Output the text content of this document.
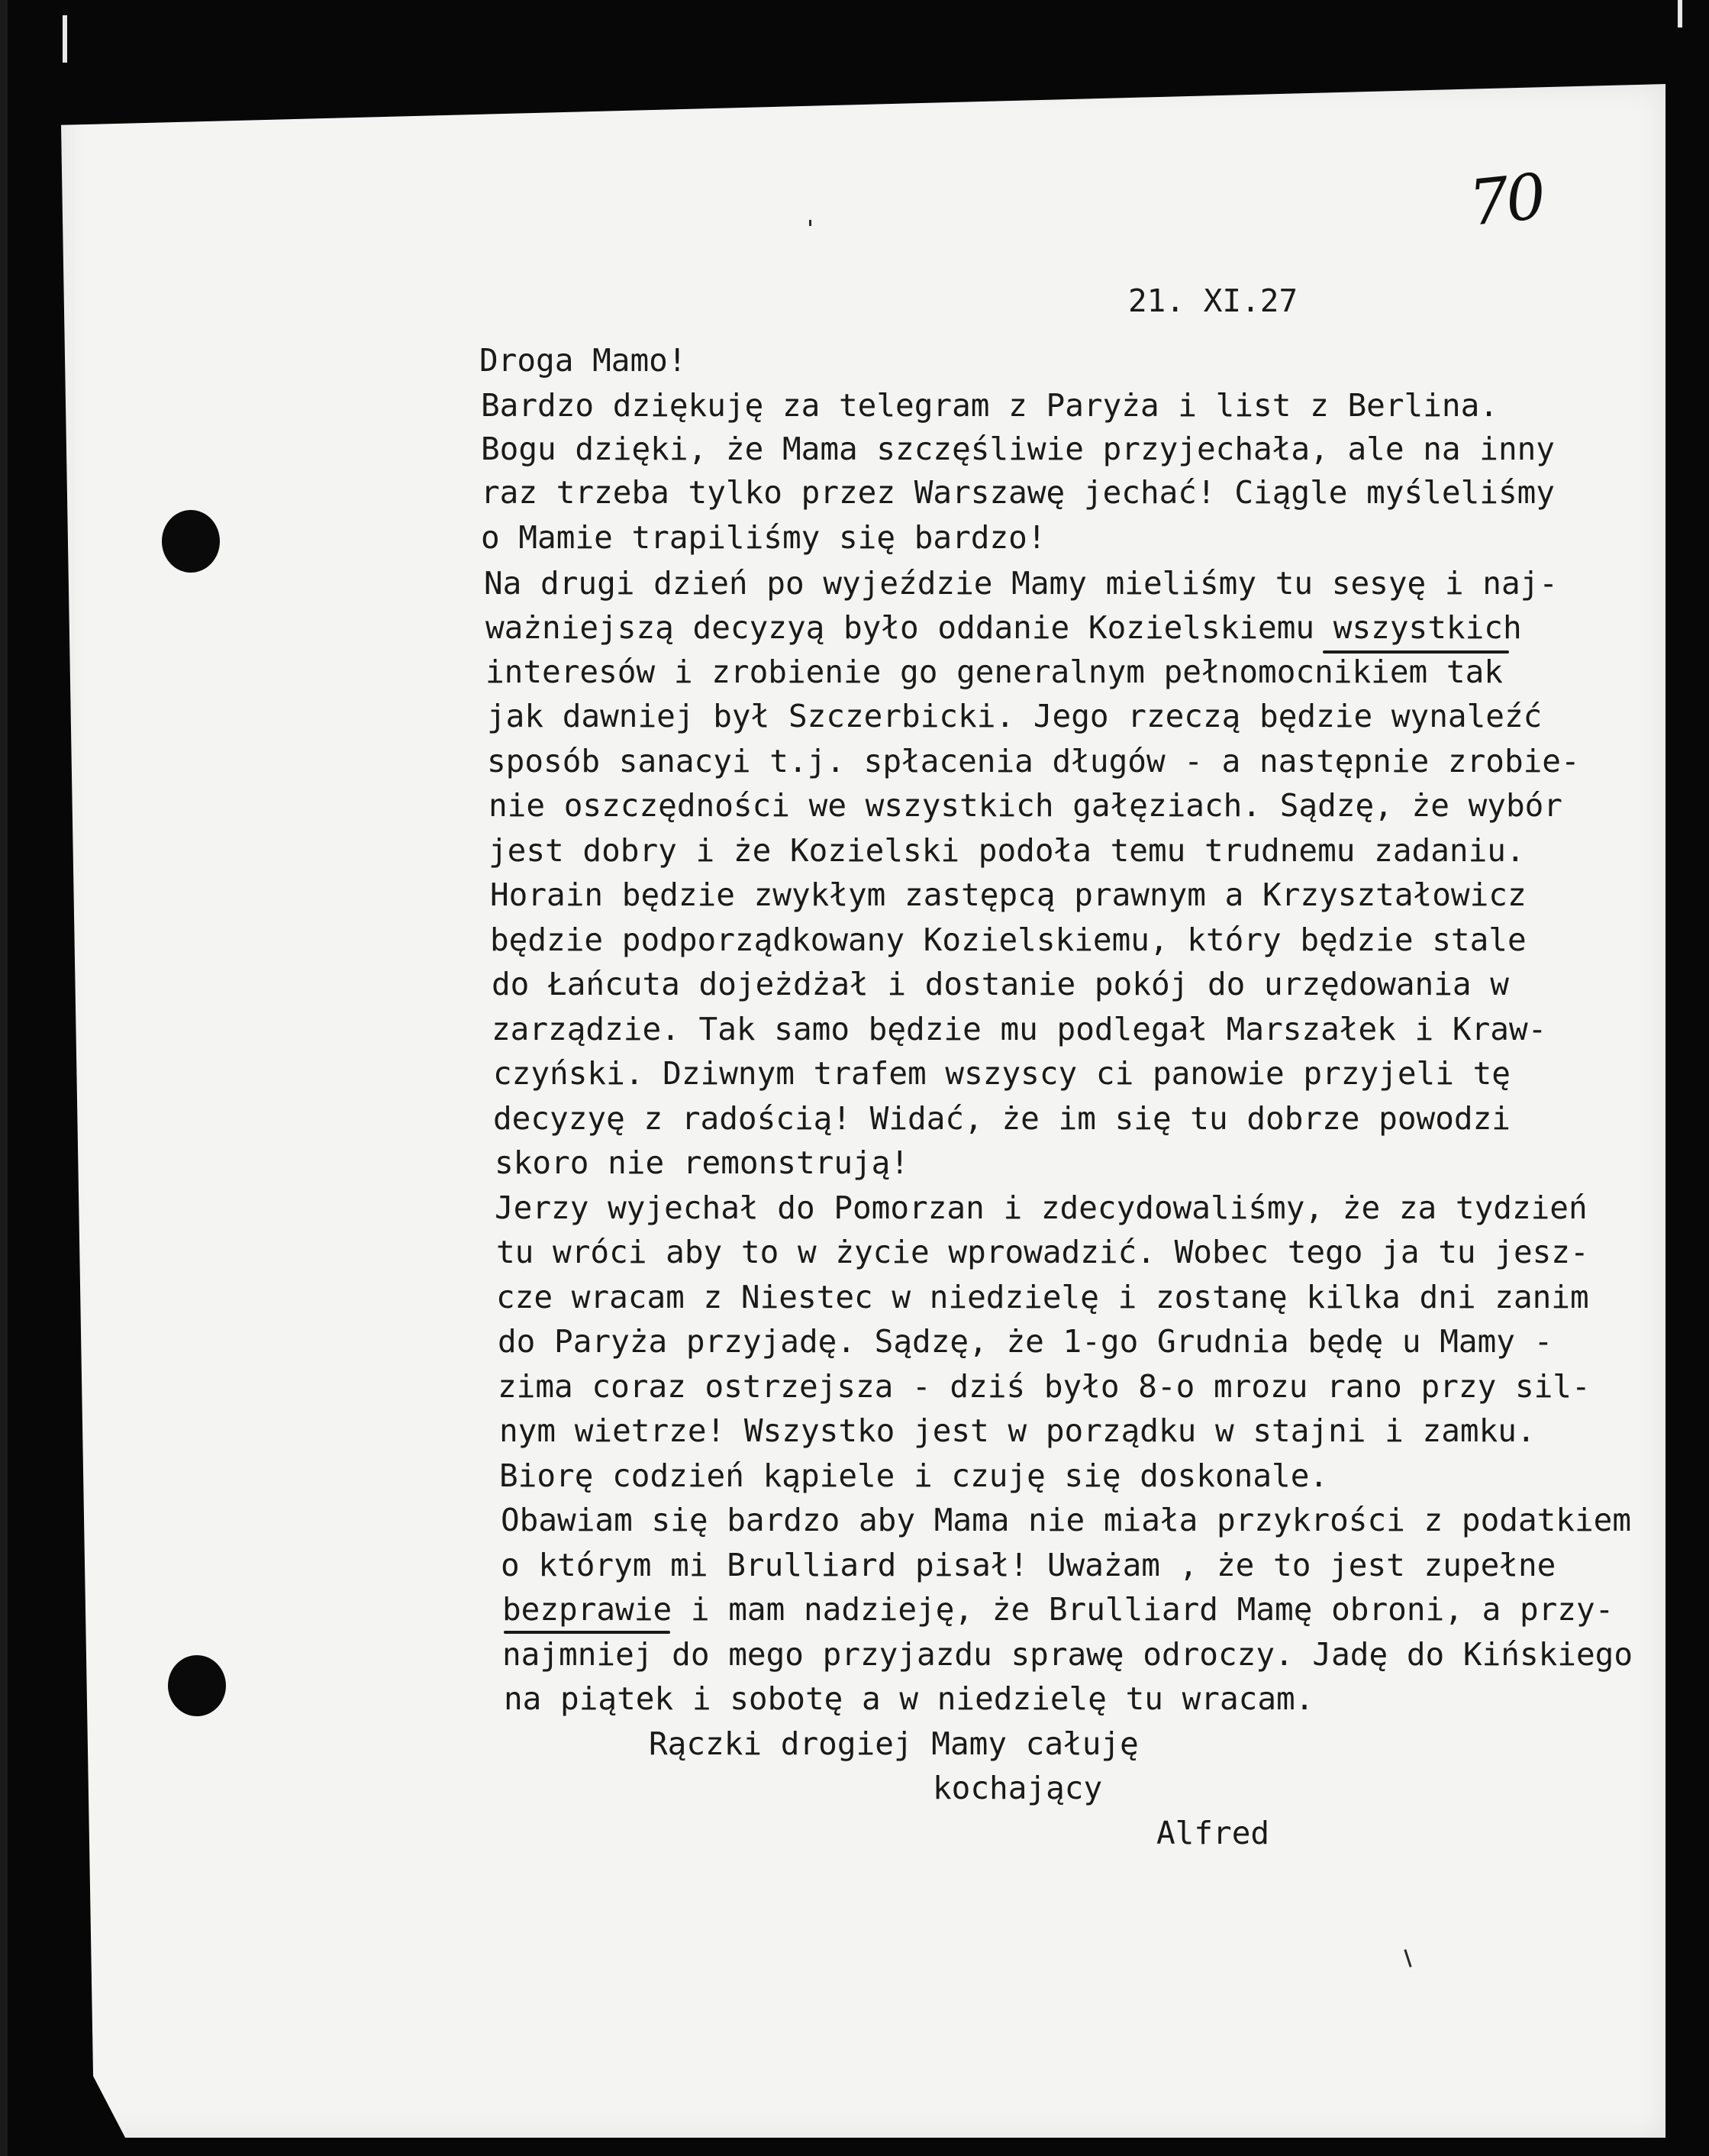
70
21. XI.27
Droga Mamo!
Bardzo dziękuję za telegram z Paryża i list z Berlina.
Bogu dzięki, że Mama szczęśliwie przyjechała, ale na inny
raz trzeba tylko przez Warszawę jechać! Ciągle myśleliśmy
o Mamie trapiliśmy się bardzo!
Na drugi dzień po wyjeździe Mamy mieliśmy tu sesyę i naj-
ważniejszą decyzyą było oddanie Kozielskiemu wszystkich
interesów i zrobienie go generalnym pełnomocnikiem tak
jak dawniej był Szczerbicki. Jego rzeczą będzie wynaleźć
sposób sanacyi t.j. spłacenia długów - a następnie zrobie-
nie oszczędności we wszystkich gałęziach. Sądzę, że wybór
jest dobry i że Kozielski podoła temu trudnemu zadaniu.
Horain będzie zwykłym zastępcą prawnym a Krzyształowicz
będzie podporządkowany Kozielskiemu, który będzie stale
do Łańcuta dojeżdżał i dostanie pokój do urzędowania w
zarządzie. Tak samo będzie mu podlegał Marszałek i Kraw-
czyński. Dziwnym trafem wszyscy ci panowie przyjeli tę
decyzyę z radością! Widać, że im się tu dobrze powodzi
skoro nie remonstrują!
Jerzy wyjechał do Pomorzan i zdecydowaliśmy, że za tydzień
tu wróci aby to w życie wprowadzić. Wobec tego ja tu jesz-
cze wracam z Niestec w niedzielę i zostanę kilka dni zanim
do Paryża przyjadę. Sądzę, że 1-go Grudnia będę u Mamy -
zima coraz ostrzejsza - dziś było 8-o mrozu rano przy sil-
nym wietrze! Wszystko jest w porządku w stajni i zamku.
Biorę codzień kąpiele i czuję się doskonale.
Obawiam się bardzo aby Mama nie miała przykrości z podatkiem
o którym mi Brulliard pisał! Uważam , że to jest zupełne
bezprawie i mam nadzieję, że Brulliard Mamę obroni, a przy-
najmniej do mego przyjazdu sprawę odroczy. Jadę do Kińskiego
na piątek i sobotę a w niedzielę tu wracam.
Rączki drogiej Mamy całuję
kochający
Alfred
